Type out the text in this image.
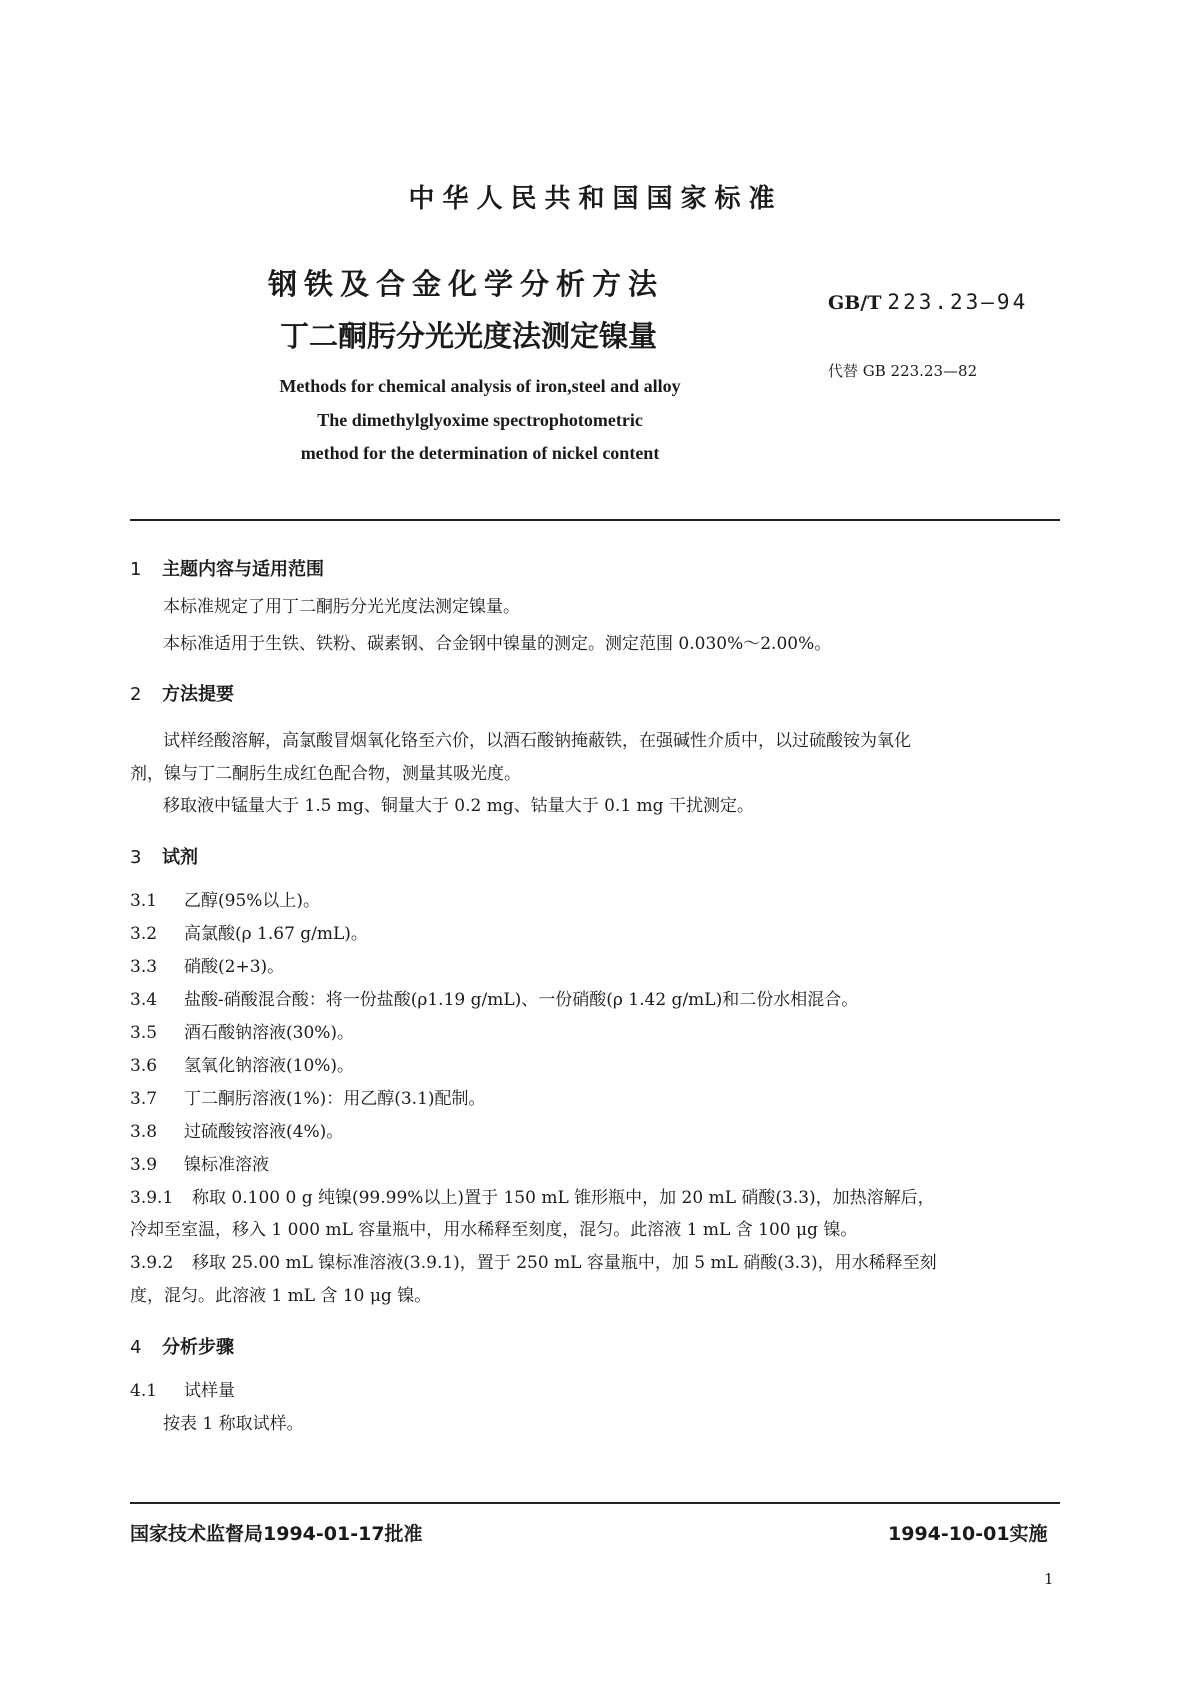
中华人民共和国国家标准
钢铁及合金化学分析方法
丁二酮肟分光光度法测定镍量
GB/T 223.23—94
代替 GB 223.23—82
Methods for chemical analysis of iron,steel and alloy
The dimethylglyoxime spectrophotometric
method for the determination of nickel content
1 主题内容与适用范围
本标准规定了用丁二酮肟分光光度法测定镍量。
本标准适用于生铁、铁粉、碳素钢、合金钢中镍量的测定。测定范围 0.030%～2.00%。
2 方法提要
试样经酸溶解，高氯酸冒烟氧化铬至六价，以酒石酸钠掩蔽铁，在强碱性介质中，以过硫酸铵为氧化
剂，镍与丁二酮肟生成红色配合物，测量其吸光度。
移取液中锰量大于 1.5 mg、铜量大于 0.2 mg、钴量大于 0.1 mg 干扰测定。
3 试剂
3.1 乙醇(95%以上)。
3.2 高氯酸(ρ 1.67 g/mL)。
3.3 硝酸(2+3)。
3.4 盐酸-硝酸混合酸：将一份盐酸(ρ1.19 g/mL)、一份硝酸(ρ 1.42 g/mL)和二份水相混合。
3.5 酒石酸钠溶液(30%)。
3.6 氢氧化钠溶液(10%)。
3.7 丁二酮肟溶液(1%)：用乙醇(3.1)配制。
3.8 过硫酸铵溶液(4%)。
3.9 镍标准溶液
3.9.1 称取 0.100 0 g 纯镍(99.99%以上)置于 150 mL 锥形瓶中，加 20 mL 硝酸(3.3)，加热溶解后，
冷却至室温，移入 1 000 mL 容量瓶中，用水稀释至刻度，混匀。此溶液 1 mL 含 100 μg 镍。
3.9.2 移取 25.00 mL 镍标准溶液(3.9.1)，置于 250 mL 容量瓶中，加 5 mL 硝酸(3.3)，用水稀释至刻
度，混匀。此溶液 1 mL 含 10 μg 镍。
4 分析步骤
4.1 试样量
按表 1 称取试样。
国家技术监督局1994-01-17批准	1994-10-01实施
1
